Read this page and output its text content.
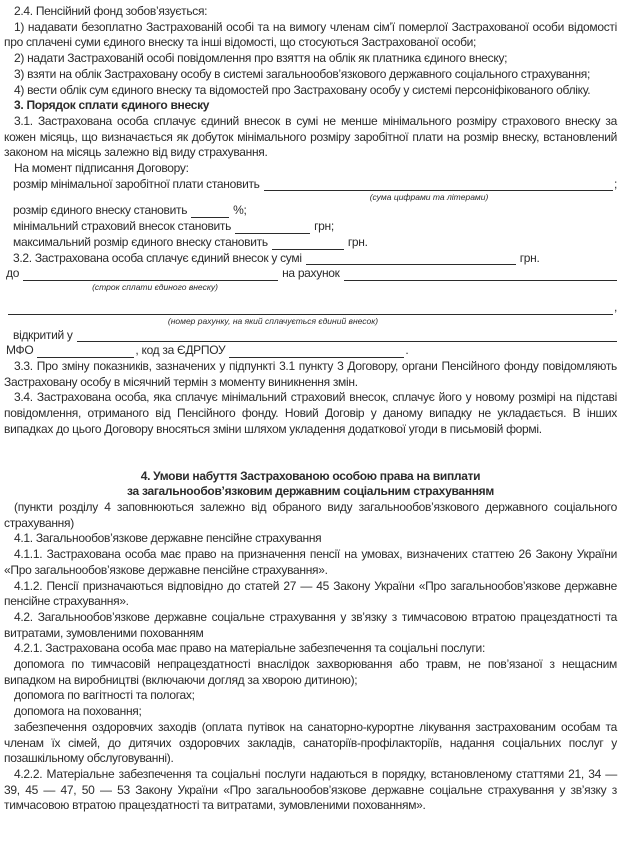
2.4. Пенсійний фонд зобов’язується:

1) надавати безоплатно Застрахованій особі та на вимогу членам сім’ї померлої Застрахованої особи відомості про сплачені суми єдиного внеску та інші відомості, що стосуються Застрахованої особи;

2) надати Застрахованій особі повідомлення про взяття на облік як платника єдиного внеску;

3) взяти на облік Застраховану особу в системі загальнообов’язкового державного соціального страхування;

4) вести облік сум єдиного внеску та відомостей про Застраховану особу у системі персоніфікованого обліку.

3. Порядок сплати єдиного внеску

3.1. Застрахована особа сплачує єдиний внесок в сумі не менше мінімального розміру страхового внеску за кожен місяць, що визначається як добуток мінімального розміру заробітної плати на розмір внеску, встановлений законом на місяць залежно від виду страхування.

На момент підписання Договору:

розмір мінімальної заробітної плати становить	;
(сума цифрами та літерами)
розмір єдиного внеску становить	%;
мінімальний страховий внесок становить	грн;
максимальний розмір єдиного внеску становить	грн.
3.2. Застрахована особа сплачує єдиний внесок у сумі	грн.
до	на рахунок
(строк сплати єдиного внеску)
,
(номер рахунку, на який сплачується єдиний внесок)
відкритий у
МФО	, код за ЄДРПОУ	.

3.3. Про зміну показників, зазначених у підпункті 3.1 пункту 3 Договору, органи Пенсійного фонду повідомляють Застраховану особу в місячний термін з моменту виникнення змін.

3.4. Застрахована особа, яка сплачує мінімальний страховий внесок, сплачує його у новому розмірі на підставі повідомлення, отриманого від Пенсійного фонду. Новий Договір у даному випадку не укладається. В інших випадках до цього Договору вносяться зміни шляхом укладення додаткової угоди в письмовій формі.

4. Умови набуття Застрахованою особою права на виплати

за загальнообов’язковим державним соціальним страхуванням

(пункти розділу 4 заповнюються залежно від обраного виду загальнообов’язкового державного соціального страхування)

4.1. Загальнообов’язкове державне пенсійне страхування

4.1.1. Застрахована особа має право на призначення пенсії на умовах, визначених статтею 26 Закону України «Про загальнообов’язкове державне пенсійне страхування».

4.1.2. Пенсії призначаються відповідно до статей 27 — 45 Закону України «Про загальнообов’язкове державне пенсійне страхування».

4.2. Загальнообов’язкове державне соціальне страхування у зв’язку з тимчасовою втратою працездатності та витратами, зумовленими похованням

4.2.1. Застрахована особа має право на матеріальне забезпечення та соціальні послуги:

допомога по тимчасовій непрацездатності внаслідок захворювання або травм, не пов’язаної з нещасним випадком на виробництві (включаючи догляд за хворою дитиною);

допомога по вагітності та пологах;

допомога на поховання;

забезпечення оздоровчих заходів (оплата путівок на санаторно-курортне лікування застрахованим особам та членам їх сімей, до дитячих оздоровчих закладів, санаторіїв-профілакторіїв, надання соціальних послуг у позашкільному обслуговуванні).

4.2.2. Матеріальне забезпечення та соціальні послуги надаються в порядку, встановленому статтями 21, 34 — 39, 45 — 47, 50 — 53 Закону України «Про загальнообов’язкове державне соціальне страхування у зв’язку з тимчасовою втратою працездатності та витратами, зумовленими похованням».
